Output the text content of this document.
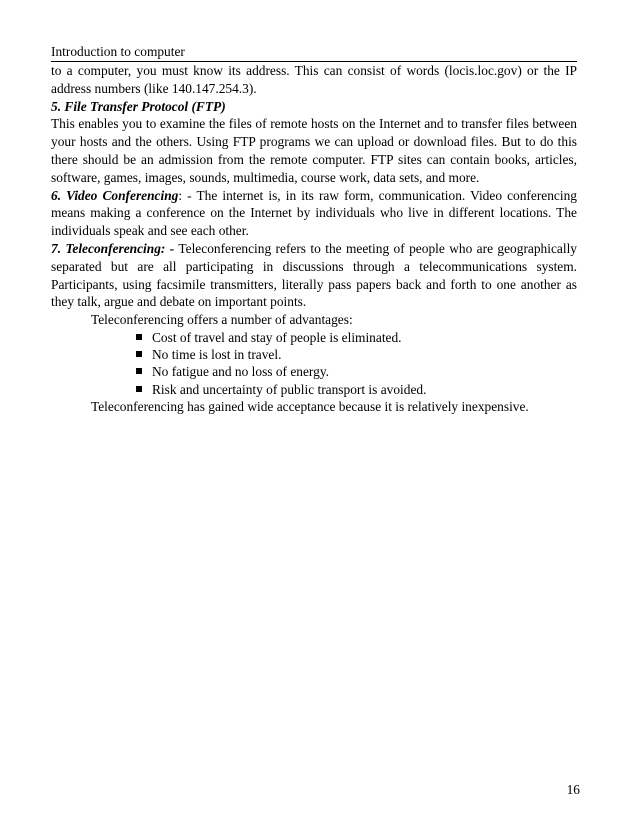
Introduction to computer

to a computer, you must know its address. This can consist of words (locis.loc.gov) or the IP address numbers (like 140.147.254.3).

5. File Transfer Protocol (FTP)

This enables you to examine the files of remote hosts on the Internet and to transfer files between your hosts and the others. Using FTP programs we can upload or download files. But to do this there should be an admission from the remote computer. FTP sites can contain books, articles, software, games, images, sounds, multimedia, course work, data sets, and more.

6. Video Conferencing: - The internet is, in its raw form, communication. Video conferencing means making a conference on the Internet by individuals who live in different locations. The individuals speak and see each other.

7. Teleconferencing: - Teleconferencing refers to the meeting of people who are geographically separated but are all participating in discussions through a telecommunications system. Participants, using facsimile transmitters, literally pass papers back and forth to one another as they talk, argue and debate on important points.

Teleconferencing offers a number of advantages:

Cost of travel and stay of people is eliminated.
No time is lost in travel.
No fatigue and no loss of energy.
Risk and uncertainty of public transport is avoided.

Teleconferencing has gained wide acceptance because it is relatively inexpensive.

16
